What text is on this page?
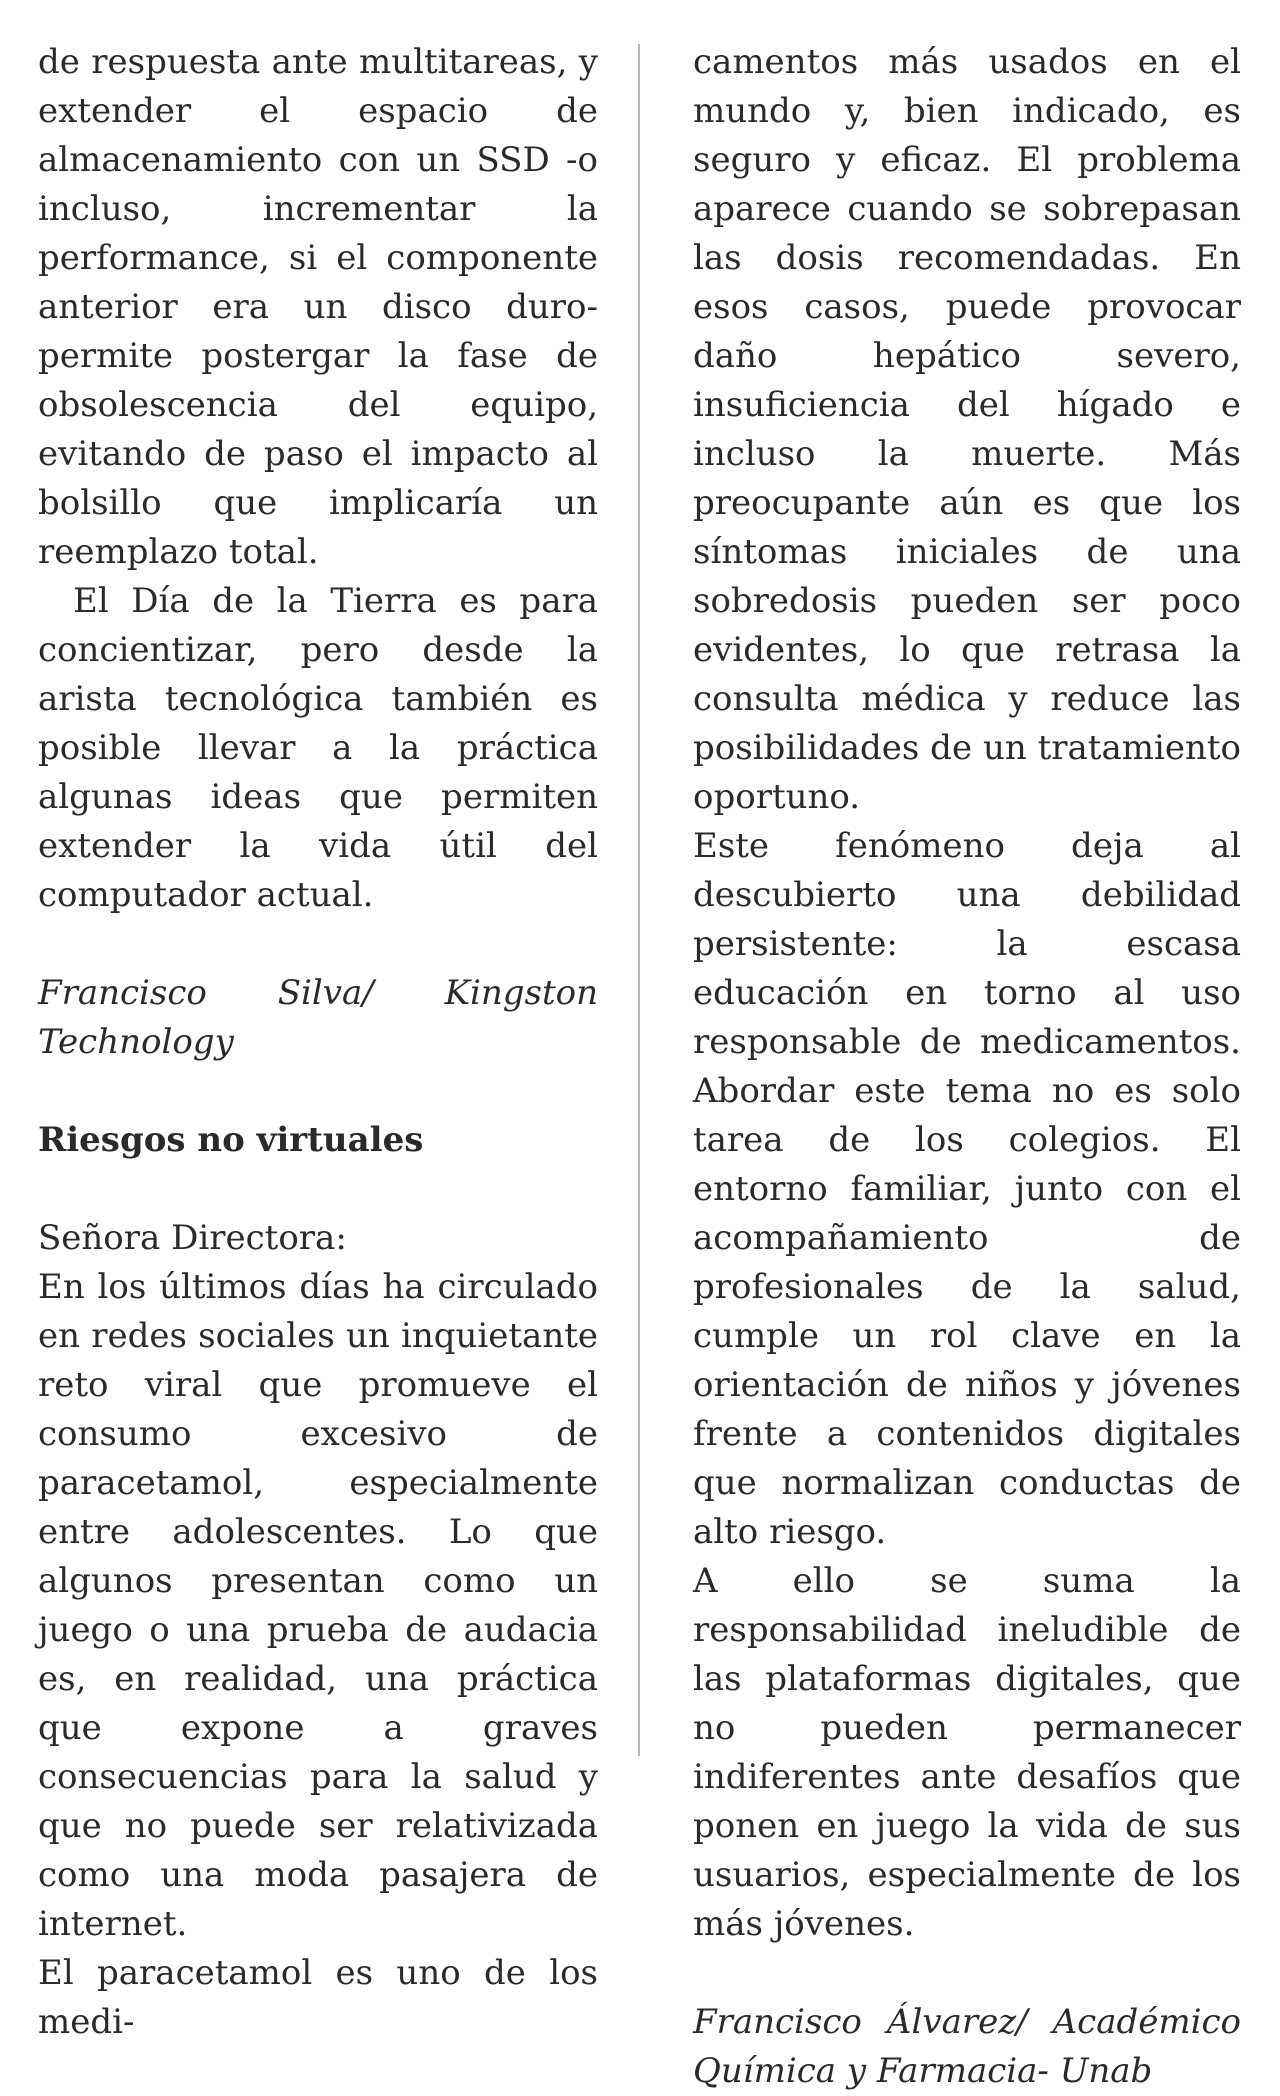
de respuesta ante multitareas, y extender el espacio de almacenamiento con un SSD -o incluso, incrementar la performance, si el componente anterior era un disco duro- permite postergar la fase de obsolescencia del equipo, evitando de paso el impacto al bolsillo que implicaría un reemplazo total.

El Día de la Tierra es para concientizar, pero desde la arista tecnológica también es posible llevar a la práctica algunas ideas que permiten extender la vida útil del computador actual.

Francisco Silva/ Kingston Technology

Riesgos no virtuales

Señora Directora:

En los últimos días ha circulado en redes sociales un inquietante reto viral que promueve el consumo excesivo de paracetamol, especialmente entre adolescentes. Lo que algunos presentan como un juego o una prueba de audacia es, en realidad, una práctica que expone a graves consecuencias para la salud y que no puede ser relativizada como una moda pasajera de internet.

El paracetamol es uno de los medi-

camentos más usados en el mundo y, bien indicado, es seguro y eficaz. El problema aparece cuando se sobrepasan las dosis recomendadas. En esos casos, puede provocar daño hepático severo, insuficiencia del hígado e incluso la muerte. Más preocupante aún es que los síntomas iniciales de una sobredosis pueden ser poco evidentes, lo que retrasa la consulta médica y reduce las posibilidades de un tratamiento oportuno.

Este fenómeno deja al descubierto una debilidad persistente: la escasa educación en torno al uso responsable de medicamentos. Abordar este tema no es solo tarea de los colegios. El entorno familiar, junto con el acompañamiento de profesionales de la salud, cumple un rol clave en la orientación de niños y jóvenes frente a contenidos digitales que normalizan conductas de alto riesgo.

A ello se suma la responsabilidad ineludible de las plataformas digitales, que no pueden permanecer indiferentes ante desafíos que ponen en juego la vida de sus usuarios, especialmente de los más jóvenes.

Francisco Álvarez/ Académico Química y Farmacia- Unab
